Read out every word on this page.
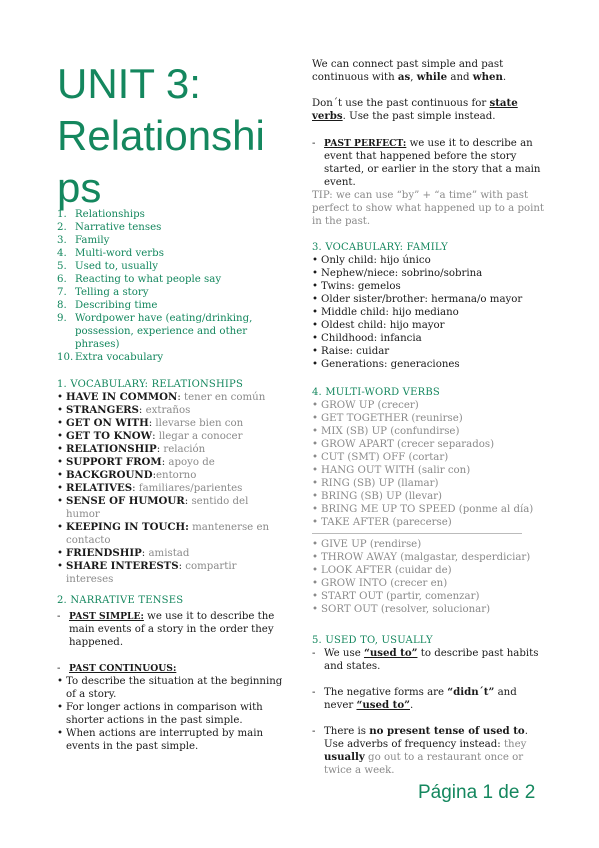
UNIT 3:
Relationshi
ps
1. Relationships
2. Narrative tenses
3. Family
4. Multi-word verbs
5. Used to, usually
6. Reacting to what people say
7. Telling a story
8. Describing time
9. Wordpower have (eating/drinking, possession, experience and other phrases)
10. Extra vocabulary
1. VOCABULARY: RELATIONSHIPS
• HAVE IN COMMON: tener en común
• STRANGERS: extraños
• GET ON WITH: llevarse bien con
• GET TO KNOW: llegar a conocer
• RELATIONSHIP: relación
• SUPPORT FROM: apoyo de
• BACKGROUND:entorno
• RELATIVES: familiares/parientes
• SENSE OF HUMOUR: sentido del humor
• KEEPING IN TOUCH: mantenerse en contacto
• FRIENDSHIP: amistad
• SHARE INTERESTS: compartir intereses
2. NARRATIVE TENSES
- PAST SIMPLE: we use it to describe the main events of a story in the order they happened.
- PAST CONTINUOUS:
• To describe the situation at the beginning of a story.
• For longer actions in comparison with shorter actions in the past simple.
• When actions are interrupted by main events in the past simple.
We can connect past simple and past continuous with as, while and when.
Don´t use the past continuous for state verbs. Use the past simple instead.
- PAST PERFECT: we use it to describe an event that happened before the story started, or earlier in the story that a main event.
TIP: we can use “by” + “a time” with past perfect to show what happened up to a point in the past.
3. VOCABULARY: FAMILY
• Only child: hijo único
• Nephew/niece: sobrino/sobrina
• Twins: gemelos
• Older sister/brother: hermana/o mayor
• Middle child: hijo mediano
• Oldest child: hijo mayor
• Childhood: infancia
• Raise: cuidar
• Generations: generaciones
4. MULTI-WORD VERBS
• GROW UP (crecer)
• GET TOGETHER (reunirse)
• MIX (SB) UP (confundirse)
• GROW APART (crecer separados)
• CUT (SMT) OFF (cortar)
• HANG OUT WITH (salir con)
• RING (SB) UP (llamar)
• BRING (SB) UP (llevar)
• BRING ME UP TO SPEED (ponme al día)
• TAKE AFTER (parecerse)
• GIVE UP (rendirse)
• THROW AWAY (malgastar, desperdiciar)
• LOOK AFTER (cuidar de)
• GROW INTO (crecer en)
• START OUT (partir, comenzar)
• SORT OUT (resolver, solucionar)
5. USED TO, USUALLY
- We use “used to” to describe past habits and states.
- The negative forms are “didn´t” and never “used to”.
- There is no present tense of used to. Use adverbs of frequency instead: they usually go out to a restaurant once or twice a week.
Página 1 de 2
